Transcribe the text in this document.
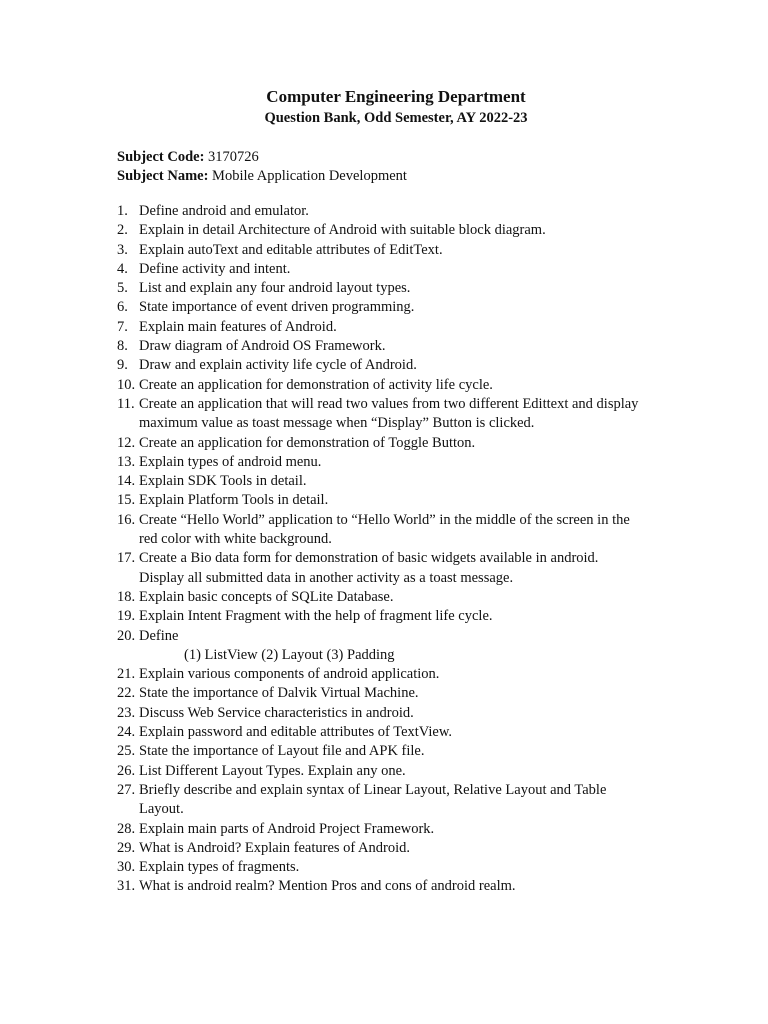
Computer Engineering Department
Question Bank, Odd Semester, AY 2022-23
Subject Code: 3170726
Subject Name: Mobile Application Development
1. Define android and emulator.
2. Explain in detail Architecture of Android with suitable block diagram.
3. Explain autoText and editable attributes of EditText.
4. Define activity and intent.
5. List and explain any four android layout types.
6. State importance of event driven programming.
7. Explain main features of Android.
8. Draw diagram of Android OS Framework.
9. Draw and explain activity life cycle of Android.
10. Create an application for demonstration of activity life cycle.
11. Create an application that will read two values from two different Edittext and display
maximum value as toast message when “Display” Button is clicked.
12. Create an application for demonstration of Toggle Button.
13. Explain types of android menu.
14. Explain SDK Tools in detail.
15. Explain Platform Tools in detail.
16. Create “Hello World” application to “Hello World” in the middle of the screen in the
red color with white background.
17. Create a Bio data form for demonstration of basic widgets available in android.
Display all submitted data in another activity as a toast message.
18. Explain basic concepts of SQLite Database.
19. Explain Intent Fragment with the help of fragment life cycle.
20. Define
(1) ListView (2) Layout (3) Padding
21. Explain various components of android application.
22. State the importance of Dalvik Virtual Machine.
23. Discuss Web Service characteristics in android.
24. Explain password and editable attributes of TextView.
25. State the importance of Layout file and APK file.
26. List Different Layout Types. Explain any one.
27. Briefly describe and explain syntax of Linear Layout, Relative Layout and Table
Layout.
28. Explain main parts of Android Project Framework.
29. What is Android? Explain features of Android.
30. Explain types of fragments.
31. What is android realm? Mention Pros and cons of android realm.
